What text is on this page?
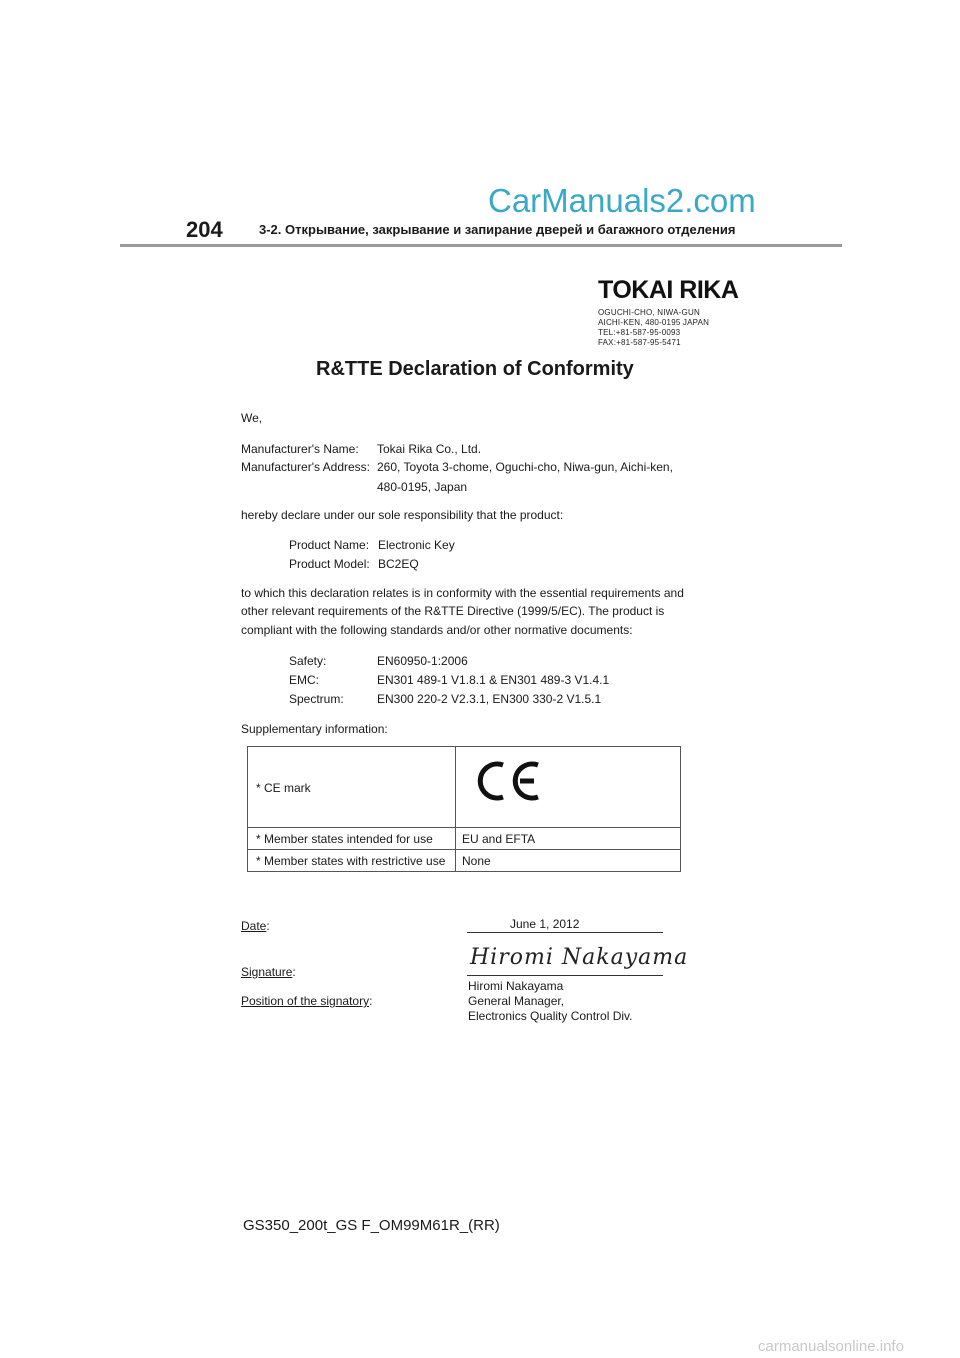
CarManuals2.com
204	3-2. Открывание, закрывание и запирание дверей и багажного отделения
TOKAI RIKA
OGUCHI-CHO, NIWA-GUN
AICHI-KEN, 480-0195 JAPAN
TEL:+81-587-95-0093
FAX:+81-587-95-5471
R&TTE Declaration of Conformity
We,
Manufacturer's Name: Tokai Rika Co., Ltd.
Manufacturer's Address: 260, Toyota 3-chome, Oguchi-cho, Niwa-gun, Aichi-ken,
480-0195, Japan
hereby declare under our sole responsibility that the product:
Product Name: Electronic Key
Product Model: BC2EQ
to which this declaration relates is in conformity with the essential requirements and
other relevant requirements of the R&TTE Directive (1999/5/EC). The product is
compliant with the following standards and/or other normative documents:
Safety:	EN60950-1:2006
EMC:	EN301 489-1 V1.8.1 & EN301 489-3 V1.4.1
Spectrum:	EN300 220-2 V2.3.1, EN300 330-2 V1.5.1
Supplementary information:
* CE mark
* Member states intended for use EU and EFTA
* Member states with restrictive use None
Date:	June 1, 2012
Signature:
Hiromi Nakayama
Hiromi Nakayama
Position of the signatory:	General Manager,
Electronics Quality Control Div.
GS350_200t_GS F_OM99M61R_(RR)
carmanualsonline.info
